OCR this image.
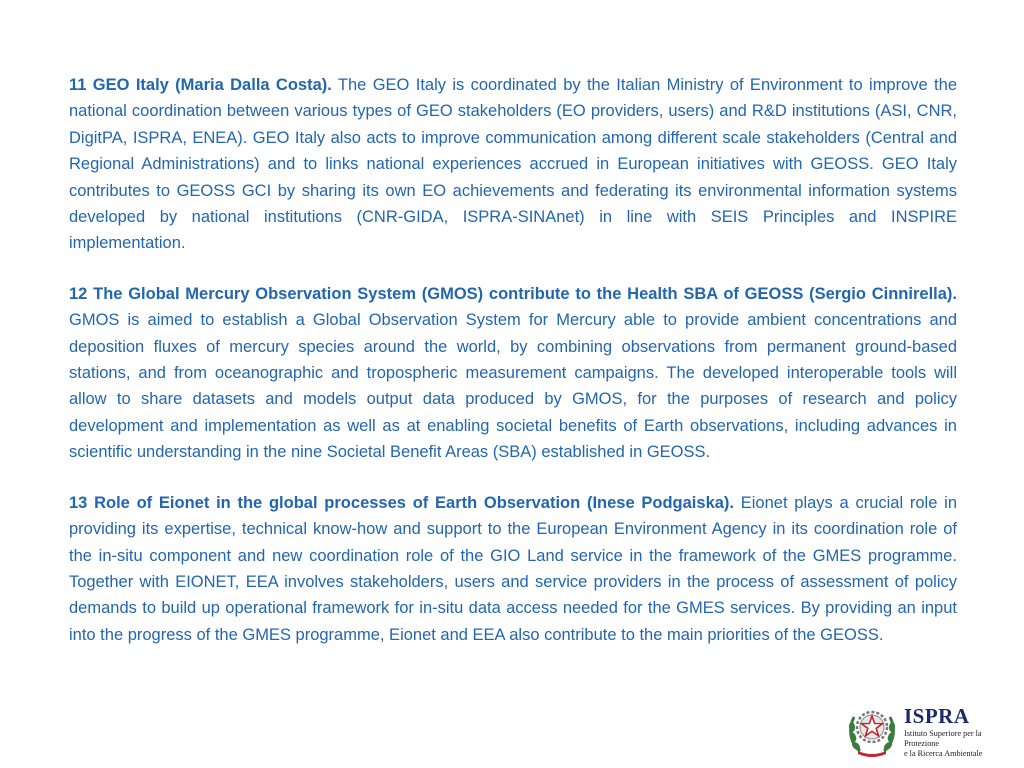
11 GEO Italy (Maria Dalla Costa). The GEO Italy is coordinated by the Italian Ministry of Environment to improve the national coordination between various types of GEO stakeholders (EO providers, users) and R&D institutions (ASI, CNR, DigitPA, ISPRA, ENEA). GEO Italy also acts to improve communication among different scale stakeholders (Central and Regional Administrations) and to links national experiences accrued in European initiatives with GEOSS. GEO Italy contributes to GEOSS GCI by sharing its own EO achievements and federating its environmental information systems developed by national institutions (CNR-GIDA, ISPRA-SINAnet) in line with SEIS Principles and INSPIRE implementation.

12 The Global Mercury Observation System (GMOS) contribute to the Health SBA of GEOSS (Sergio Cinnirella). GMOS is aimed to establish a Global Observation System for Mercury able to provide ambient concentrations and deposition fluxes of mercury species around the world, by combining observations from permanent ground-based stations, and from oceanographic and tropospheric measurement campaigns. The developed interoperable tools will allow to share datasets and models output data produced by GMOS, for the purposes of research and policy development and implementation as well as at enabling societal benefits of Earth observations, including advances in scientific understanding in the nine Societal Benefit Areas (SBA) established in GEOSS.

13 Role of Eionet in the global processes of Earth Observation (Inese Podgaiska). Eionet plays a crucial role in providing its expertise, technical know-how and support to the European Environment Agency in its coordination role of the in-situ component and new coordination role of the GIO Land service in the framework of the GMES programme. Together with EIONET, EEA involves stakeholders, users and service providers in the process of assessment of policy demands to build up operational framework for in-situ data access needed for the GMES services. By providing an input into the progress of the GMES programme, Eionet and EEA also contribute to the main priorities of the GEOSS.

ISPRA
Istituto Superiore per la Protezione
e la Ricerca Ambientale
